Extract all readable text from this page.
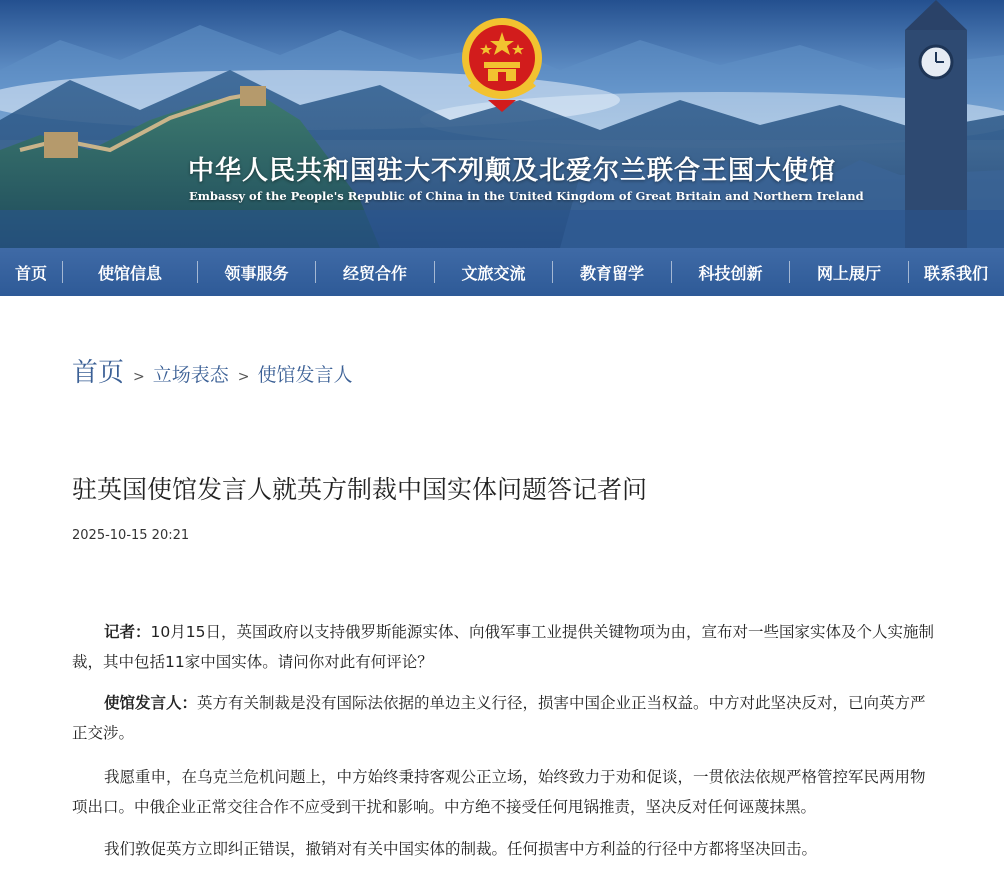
中华人民共和国驻大不列颠及北爱尔兰联合王国大使馆
Embassy of the People's Republic of China in the United Kingdom of Great Britain and Northern Ireland
首页	使馆信息	领事服务	经贸合作	文旅交流	教育留学	科技创新	网上展厅	联系我们
首页 > 立场表态 > 使馆发言人
驻英国使馆发言人就英方制裁中国实体问题答记者问
2025-10-15 20:21

记者：10月15日，英国政府以支持俄罗斯能源实体、向俄军事工业提供关键物项为由，宣布对一些国家实体及个人实施制裁，其中包括11家中国实体。请问你对此有何评论？

使馆发言人：英方有关制裁是没有国际法依据的单边主义行径，损害中国企业正当权益。中方对此坚决反对，已向英方严正交涉。

我愿重申，在乌克兰危机问题上，中方始终秉持客观公正立场，始终致力于劝和促谈，一贯依法依规严格管控军民两用物项出口。中俄企业正常交往合作不应受到干扰和影响。中方绝不接受任何甩锅推责，坚决反对任何诬蔑抹黑。

我们敦促英方立即纠正错误，撤销对有关中国实体的制裁。任何损害中方利益的行径中方都将坚决回击。
